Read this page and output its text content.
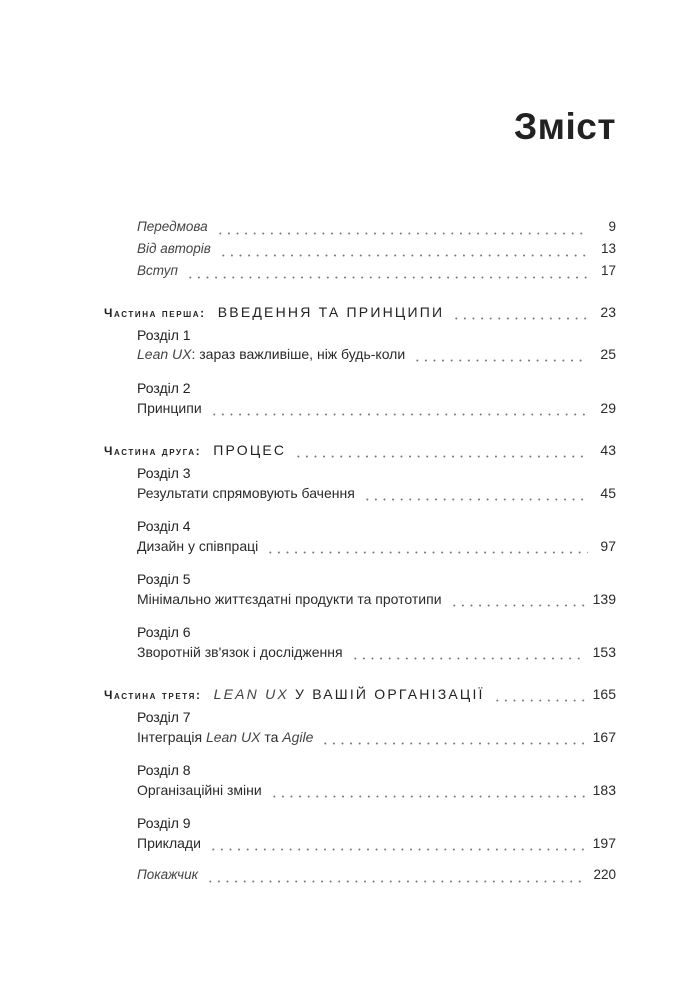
Зміст
Передмова	9
Від авторів	13
Вступ	17
Частина перша: ВВЕДЕННЯ ТА ПРИНЦИПИ	23
Розділ 1
Lean UX: зараз важливіше, ніж будь-коли	25
Розділ 2
Принципи	29
Частина друга: ПРОЦЕС	43
Розділ 3
Результати спрямовують бачення	45
Розділ 4
Дизайн у співпраці	97
Розділ 5
Мінімально життєздатні продукти та прототипи	139
Розділ 6
Зворотній зв'язок і дослідження	153
Частина третя: LEAN UX У ВАШІЙ ОРГАНІЗАЦІЇ	165
Розділ 7
Інтеграція Lean UX та Agile	167
Розділ 8
Організаційні зміни	183
Розділ 9
Приклади	197
Покажчик	220
